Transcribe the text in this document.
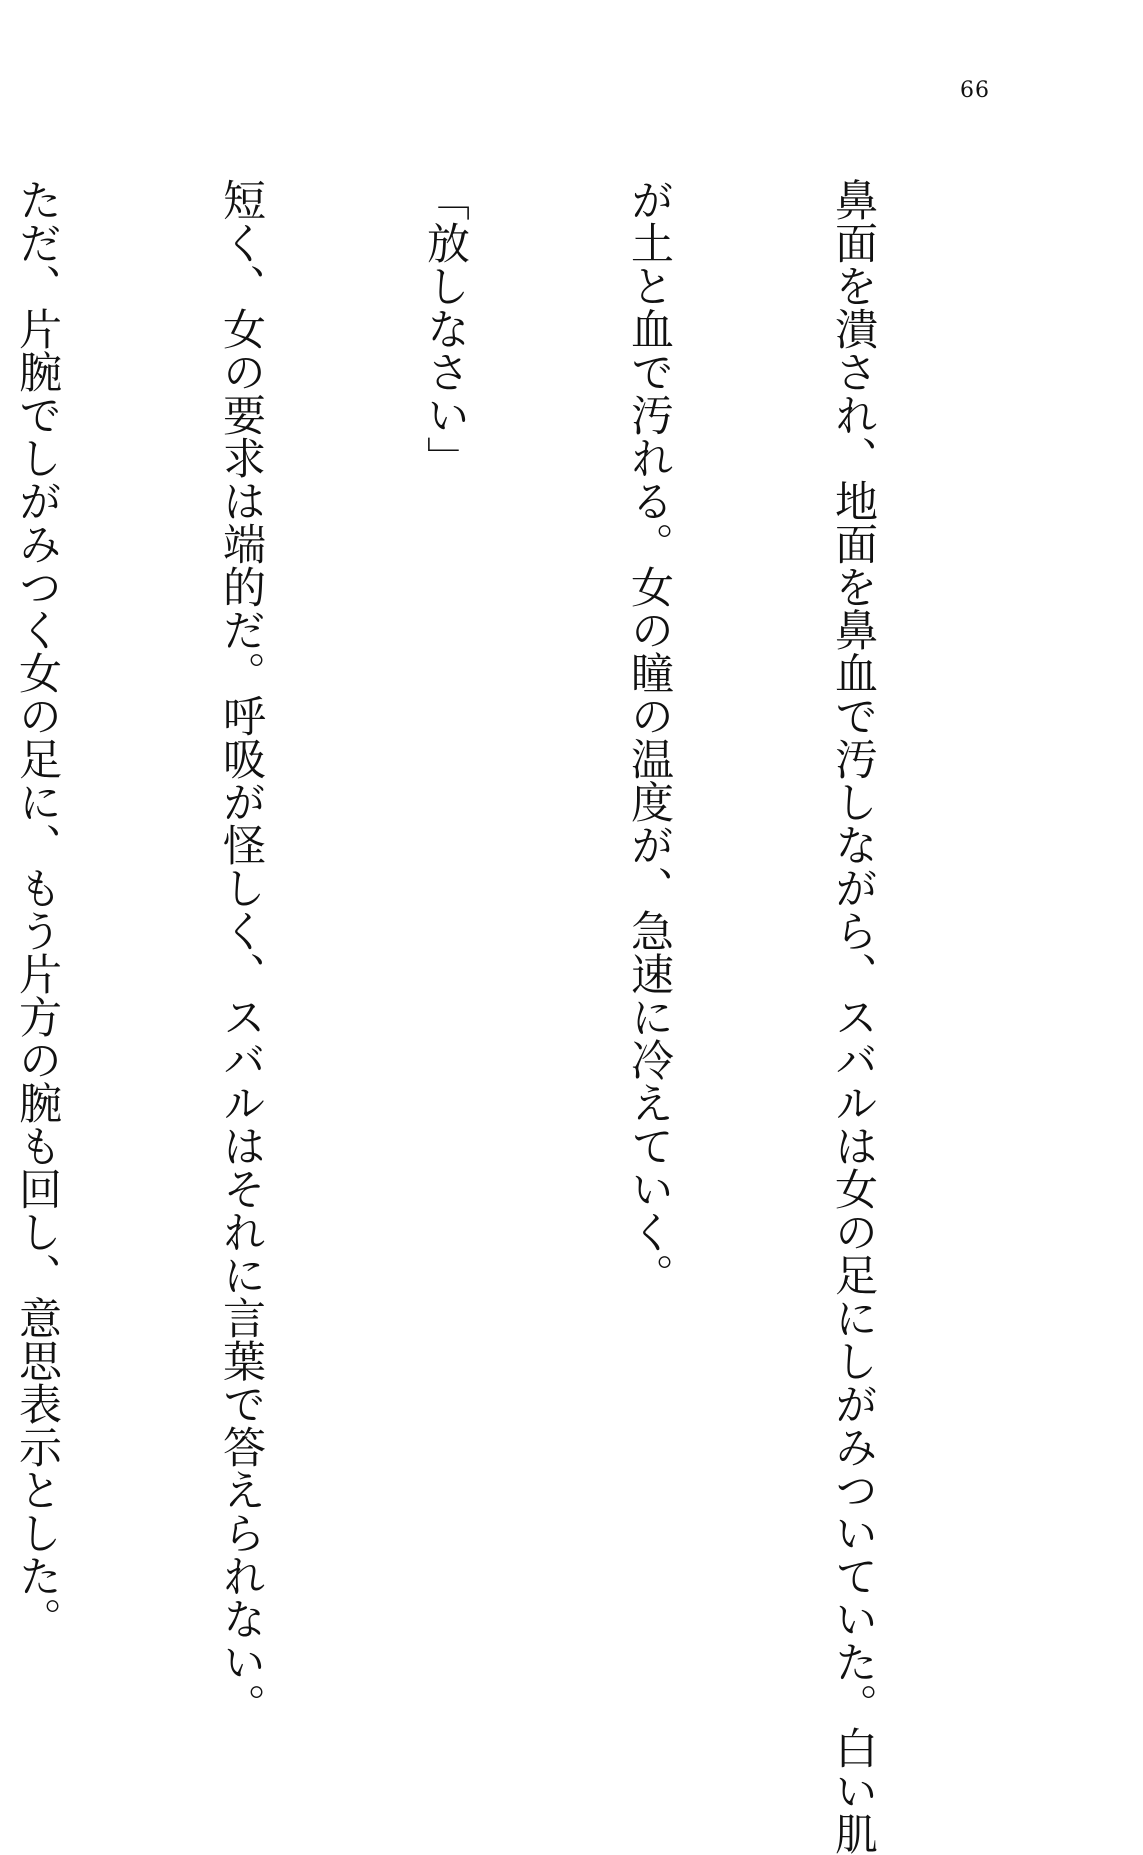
66

鼻面を潰され、地面を鼻血で汚しながら、スバルは女の足にしがみついていた。白い肌

が土と血で汚れる。女の瞳の温度が、急速に冷えていく。

「放しなさい」

短く、女の要求は端的だ。呼吸が怪しく、スバルはそれに言葉で答えられない。

ただ、片腕でしがみつく女の足に、もう片方の腕も回し、意思表示とした。
